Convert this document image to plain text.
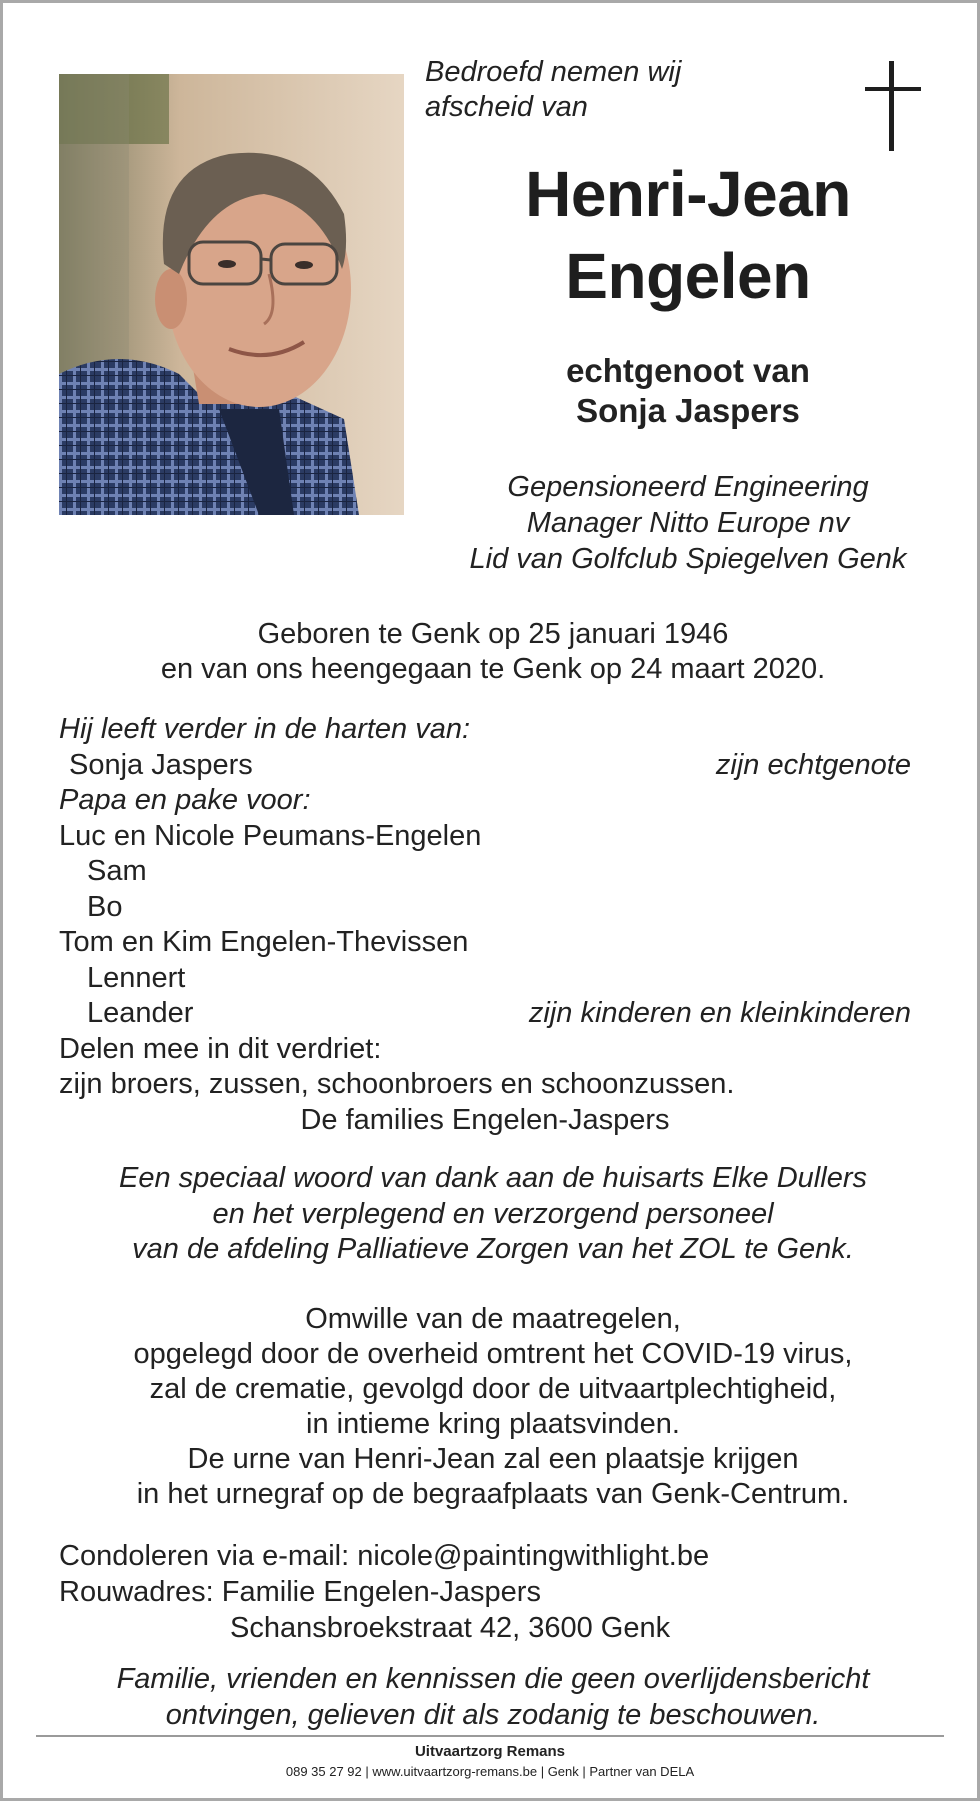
Bedroefd nemen wij
afscheid van
Henri-Jean
Engelen
echtgenoot van
Sonja Jaspers
Gepensioneerd Engineering
Manager Nitto Europe nv
Lid van Golfclub Spiegelven Genk
Geboren te Genk op 25 januari 1946
en van ons heengegaan te Genk op 24 maart 2020.
Hij leeft verder in de harten van:
Sonja Jaspers	zijn echtgenote
Papa en pake voor:
Luc en Nicole Peumans-Engelen
Sam
Bo
Tom en Kim Engelen-Thevissen
Lennert
Leander	zijn kinderen en kleinkinderen
Delen mee in dit verdriet:
zijn broers, zussen, schoonbroers en schoonzussen.
De families Engelen-Jaspers
Een speciaal woord van dank aan de huisarts Elke Dullers
en het verplegend en verzorgend personeel
van de afdeling Palliatieve Zorgen van het ZOL te Genk.
Omwille van de maatregelen,
opgelegd door de overheid omtrent het COVID-19 virus,
zal de crematie, gevolgd door de uitvaartplechtigheid,
in intieme kring plaatsvinden.
De urne van Henri-Jean zal een plaatsje krijgen
in het urnegraf op de begraafplaats van Genk-Centrum.
Condoleren via e-mail: nicole@paintingwithlight.be
Rouwadres: Familie Engelen-Jaspers
Schansbroekstraat 42, 3600 Genk
Familie, vrienden en kennissen die geen overlijdensbericht
ontvingen, gelieven dit als zodanig te beschouwen.
Uitvaartzorg Remans
089 35 27 92 | www.uitvaartzorg-remans.be | Genk | Partner van DELA
